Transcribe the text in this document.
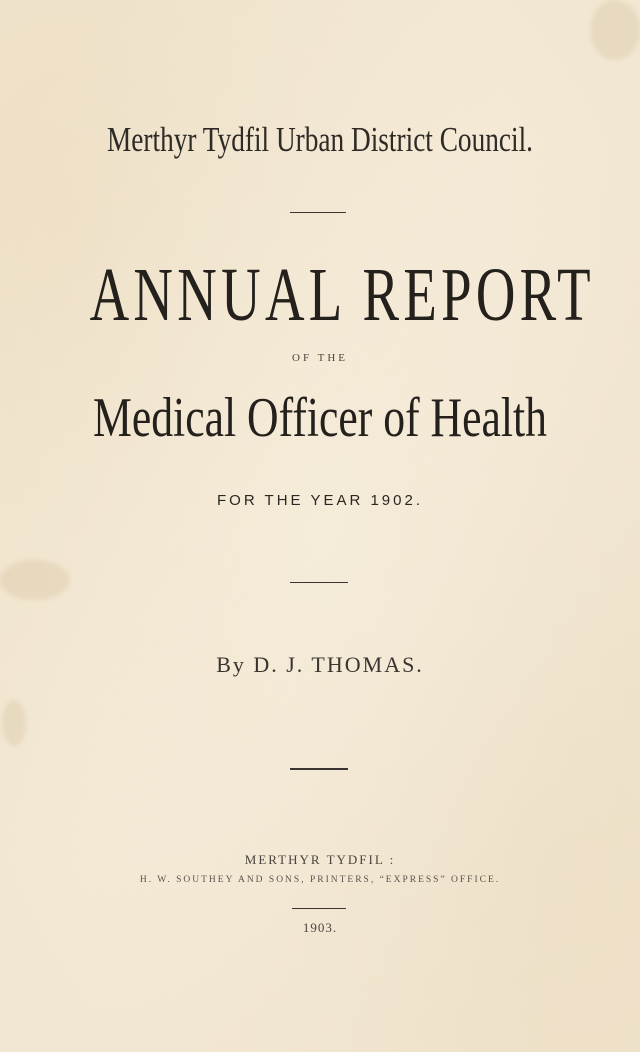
Merthyr Tydfil Urban District Council.
ANNUAL REPORT
OF THE
Medical Officer of Health
FOR THE YEAR 1902.
By D. J. THOMAS.
MERTHYR TYDFIL :
H. W. SOUTHEY AND SONS, PRINTERS, “EXPRESS” OFFICE.
1903.
